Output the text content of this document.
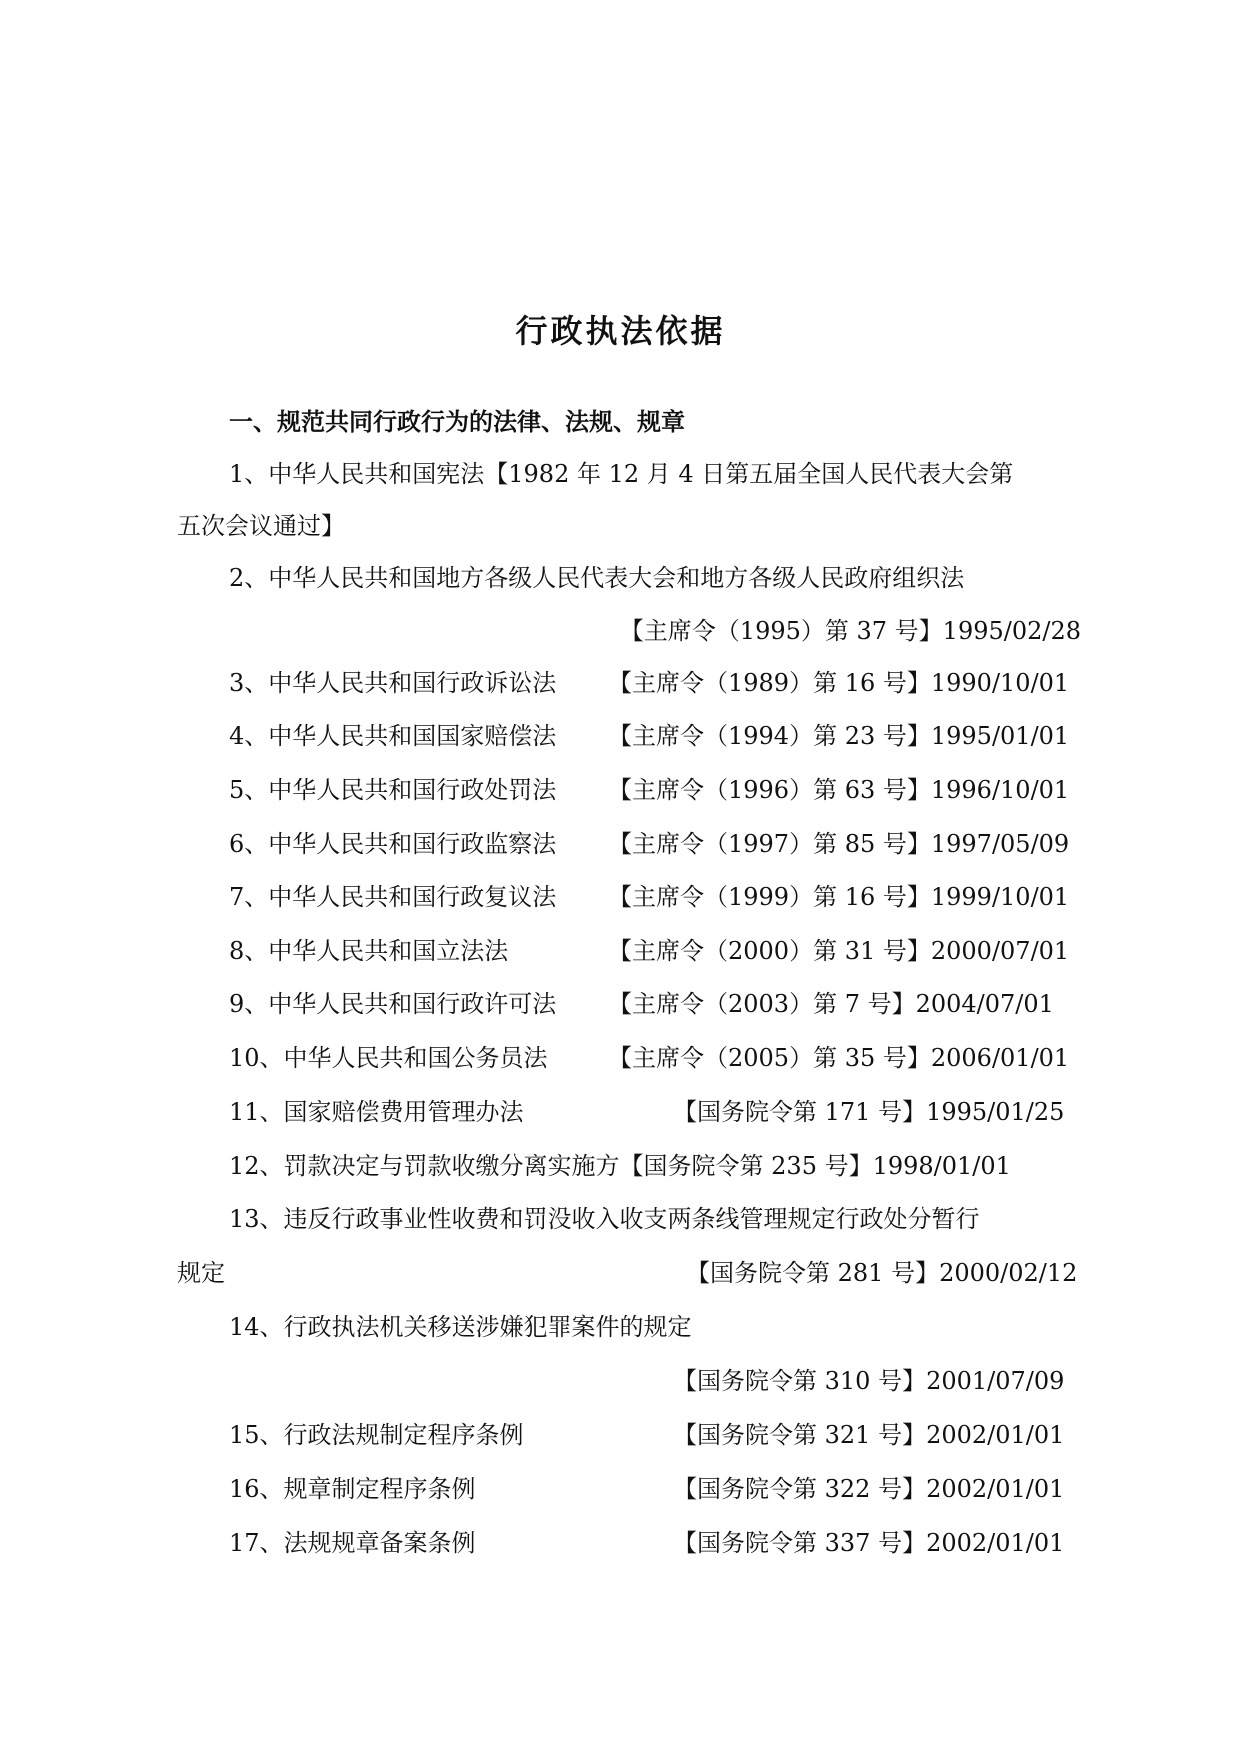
行政执法依据
一、规范共同行政行为的法律、法规、规章
1、中华人民共和国宪法【1982 年 12 月 4 日第五届全国人民代表大会第
五次会议通过】
2、中华人民共和国地方各级人民代表大会和地方各级人民政府组织法
【主席令（1995）第 37 号】1995/02/28
3、中华人民共和国行政诉讼法 【主席令（1989）第 16 号】1990/10/01
4、中华人民共和国国家赔偿法 【主席令（1994）第 23 号】1995/01/01
5、中华人民共和国行政处罚法 【主席令（1996）第 63 号】1996/10/01
6、中华人民共和国行政监察法 【主席令（1997）第 85 号】1997/05/09
7、中华人民共和国行政复议法 【主席令（1999）第 16 号】1999/10/01
8、中华人民共和国立法法	【主席令（2000）第 31 号】2000/07/01
9、中华人民共和国行政许可法 【主席令（2003）第 7 号】2004/07/01
10、中华人民共和国公务员法	【主席令（2005）第 35 号】2006/01/01
11、国家赔偿费用管理办法	【国务院令第 171 号】1995/01/25
12、罚款决定与罚款收缴分离实施方【国务院令第 235 号】1998/01/01
13、违反行政事业性收费和罚没收入收支两条线管理规定行政处分暂行
规定	【国务院令第 281 号】2000/02/12
14、行政执法机关移送涉嫌犯罪案件的规定
【国务院令第 310 号】2001/07/09
15、行政法规制定程序条例	【国务院令第 321 号】2002/01/01
16、规章制定程序条例	【国务院令第 322 号】2002/01/01
17、法规规章备案条例	【国务院令第 337 号】2002/01/01
